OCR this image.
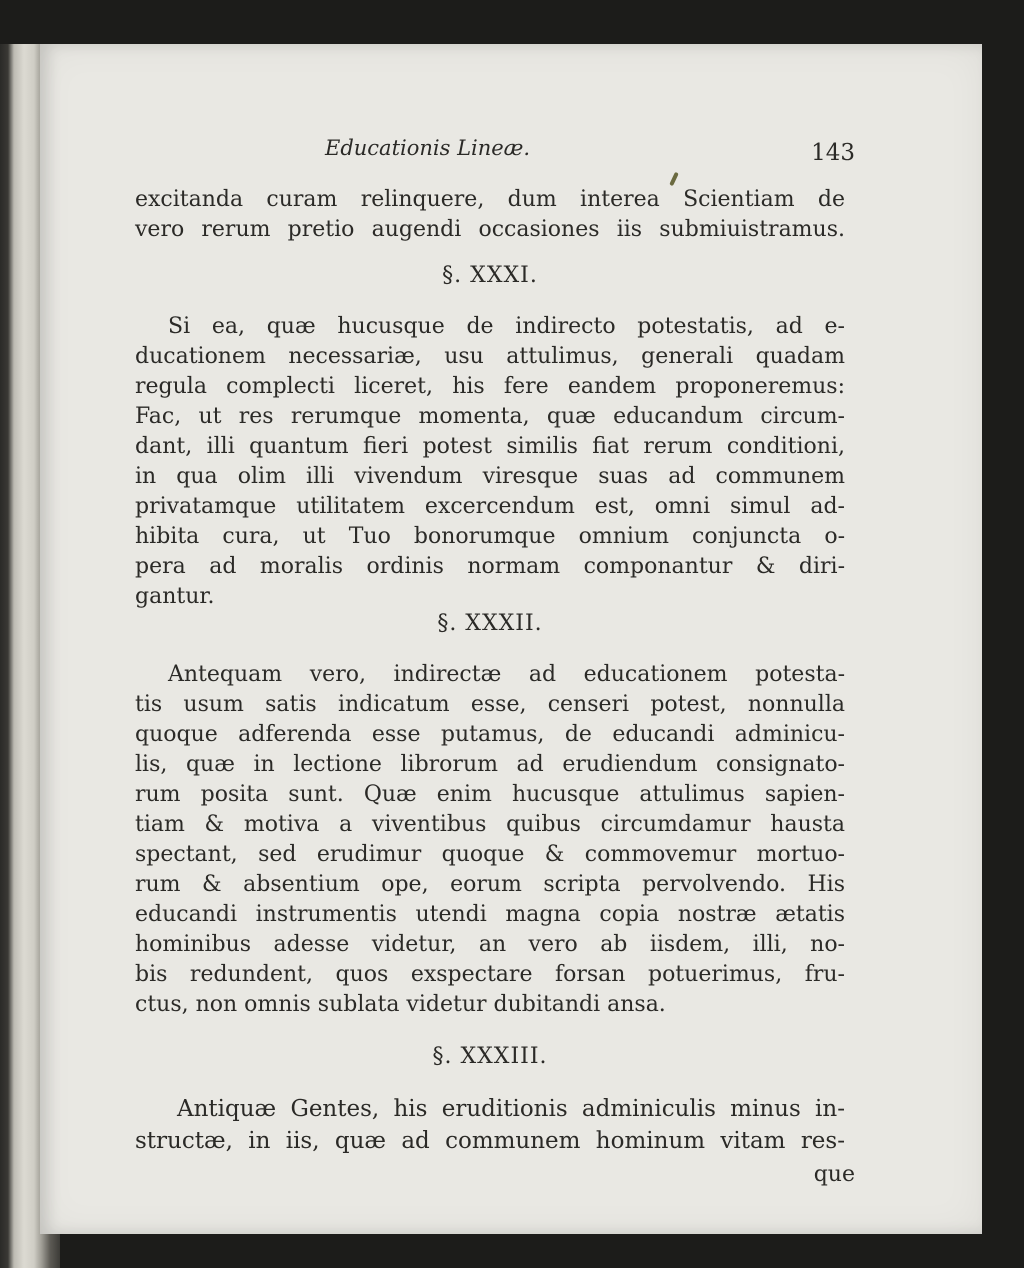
Educationis Lineæ.	143
excitanda curam relinquere, dum interea Scientiam de
vero rerum pretio augendi occasiones iis submiuistramus.
§. XXXI.
Si ea, quæ hucusque de indirecto potestatis, ad e-
ducationem necessariæ, usu attulimus, generali quadam
regula complecti liceret, his fere eandem proponeremus:
Fac, ut res rerumque momenta, quæ educandum circum-
dant, illi quantum fieri potest similis fiat rerum conditioni,
in qua olim illi vivendum viresque suas ad communem
privatamque utilitatem excercendum est, omni simul ad-
hibita cura, ut Tuo bonorumque omnium conjuncta o-
pera ad moralis ordinis normam componantur & diri-
gantur.
§. XXXII.
Antequam vero, indirectæ ad educationem potesta-
tis usum satis indicatum esse, censeri potest, nonnulla
quoque adferenda esse putamus, de educandi adminicu-
lis, quæ in lectione librorum ad erudiendum consignato-
rum posita sunt. Quæ enim hucusque attulimus sapien-
tiam & motiva a viventibus quibus circumdamur hausta
spectant, sed erudimur quoque & commovemur mortuo-
rum & absentium ope, eorum scripta pervolvendo. His
educandi instrumentis utendi magna copia nostræ ætatis
hominibus adesse videtur, an vero ab iisdem, illi, no-
bis redundent, quos exspectare forsan potuerimus, fru-
ctus, non omnis sublata videtur dubitandi ansa.
§. XXXIII.
Antiquæ Gentes, his eruditionis adminiculis minus in-
structæ, in iis, quæ ad communem hominum vitam res-
que
